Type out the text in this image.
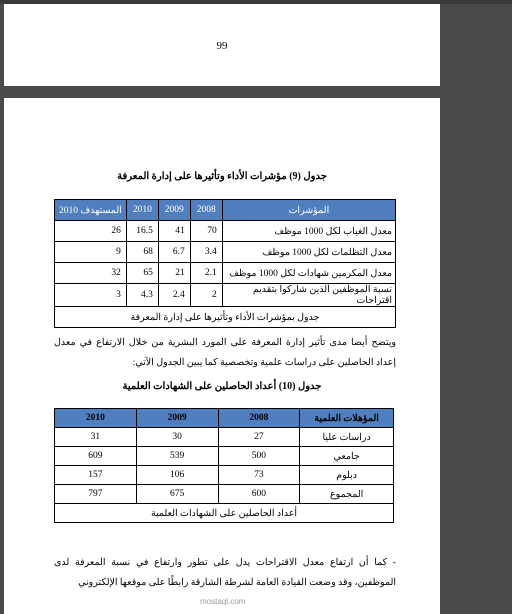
99
جدول (9) مؤشرات الأداء وتأثيرها على إدارة المعرفة
المؤشرات	2008	2009	2010	المستهدف 2010
معدل الغياب لكل 1000 موظف	70	41	16.5	26
معدل التظلمات لكل 1000 موظف	3.4	6.7	68	9
معدل المكرمين شهادات لكل 1000 موظف	2.1	21	65	32
نسبة الموظفين الذين شاركوا بتقديم اقتراحات	2	2.4	4.3	3
جدول بمؤشرات الأداء وتأثيرها على إدارة المعرفة				
ويتضح أيضا مدى تأثير إدارة المعرفة على المورد البشرية من خلال الارتفاع في معدل إعداد الحاصلين على دراسات علمية وتخصصية كما يبين الجدول الآتي:
جدول (10) أعداد الحاصلين على الشهادات العلمية
المؤهلات العلمية	2008	2009	2010
دراسات عليا	27	30	31
جامعي	500	539	609
دبلوم	73	106	157
المجموع	600	675	797
أعداد الحاصلين على الشهادات العلمية			
- كما أن ارتفاع معدل الاقتراحات يدل على تطور وارتفاع في نسبة المعرفة لدى الموظفين، وقد وضعت القيادة العامة لشرطة الشارقة رابطًا على موقعها الإلكتروني
mostaql.com
